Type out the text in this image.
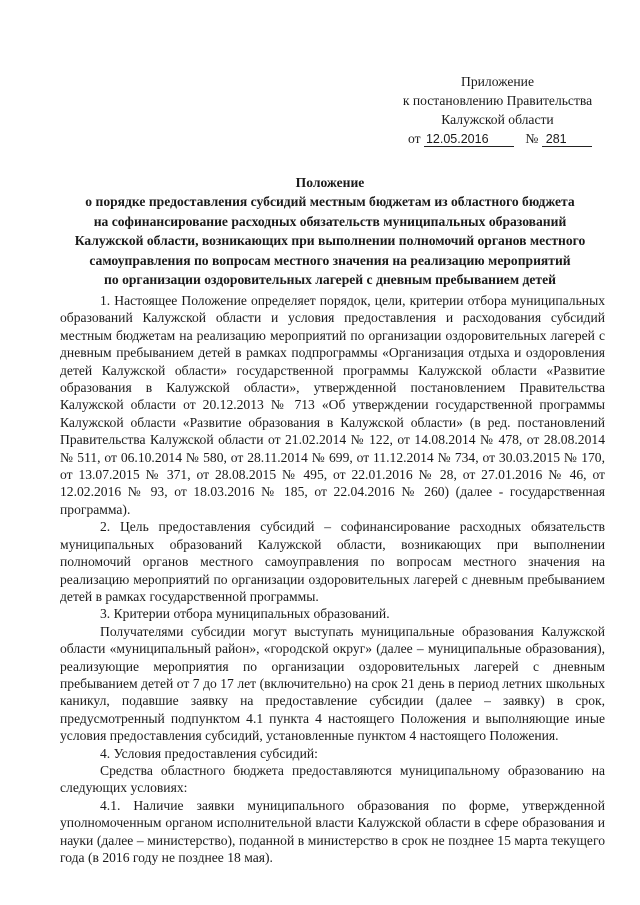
Приложение
к постановлению Правительства
Калужской области
от 12.05.2016	№ 281
Положение
о порядке предоставления субсидий местным бюджетам из областного бюджета
на софинансирование расходных обязательств муниципальных образований
Калужской области, возникающих при выполнении полномочий органов местного
самоуправления по вопросам местного значения на реализацию мероприятий
по организации оздоровительных лагерей с дневным пребыванием детей

1. Настоящее Положение определяет порядок, цели, критерии отбора муниципальных образований Калужской области и условия предоставления и расходования субсидий местным бюджетам на реализацию мероприятий по организации оздоровительных лагерей с дневным пребыванием детей в рамках подпрограммы «Организация отдыха и оздоровления детей Калужской области» государственной программы Калужской области «Развитие образования в Калужской области», утвержденной постановлением Правительства Калужской области от 20.12.2013 № 713 «Об утверждении государственной программы Калужской области «Развитие образования в Калужской области» (в ред. постановлений Правительства Калужской области от 21.02.2014 № 122, от 14.08.2014 № 478, от 28.08.2014 № 511, от 06.10.2014 № 580, от 28.11.2014 № 699, от 11.12.2014 № 734, от 30.03.2015 № 170, от 13.07.2015 № 371, от 28.08.2015 № 495, от 22.01.2016 № 28, от 27.01.2016 № 46, от 12.02.2016 № 93, от 18.03.2016 № 185, от 22.04.2016 № 260) (далее - государственная программа).

2. Цель предоставления субсидий – софинансирование расходных обязательств муниципальных образований Калужской области, возникающих при выполнении полномочий органов местного самоуправления по вопросам местного значения на реализацию мероприятий по организации оздоровительных лагерей с дневным пребыванием детей в рамках государственной программы.

3. Критерии отбора муниципальных образований.

Получателями субсидии могут выступать муниципальные образования Калужской области «муниципальный район», «городской округ» (далее – муниципальные образования), реализующие мероприятия по организации оздоровительных лагерей с дневным пребыванием детей от 7 до 17 лет (включительно) на срок 21 день в период летних школьных каникул, подавшие заявку на предоставление субсидии (далее – заявку) в срок, предусмотренный подпунктом 4.1 пункта 4 настоящего Положения и выполняющие иные условия предоставления субсидий, установленные пунктом 4 настоящего Положения.

4. Условия предоставления субсидий:

Средства областного бюджета предоставляются муниципальному образованию на следующих условиях:

4.1. Наличие заявки муниципального образования по форме, утвержденной уполномоченным органом исполнительной власти Калужской области в сфере образования и науки (далее – министерство), поданной в министерство в срок не позднее 15 марта текущего года (в 2016 году не позднее 18 мая).
